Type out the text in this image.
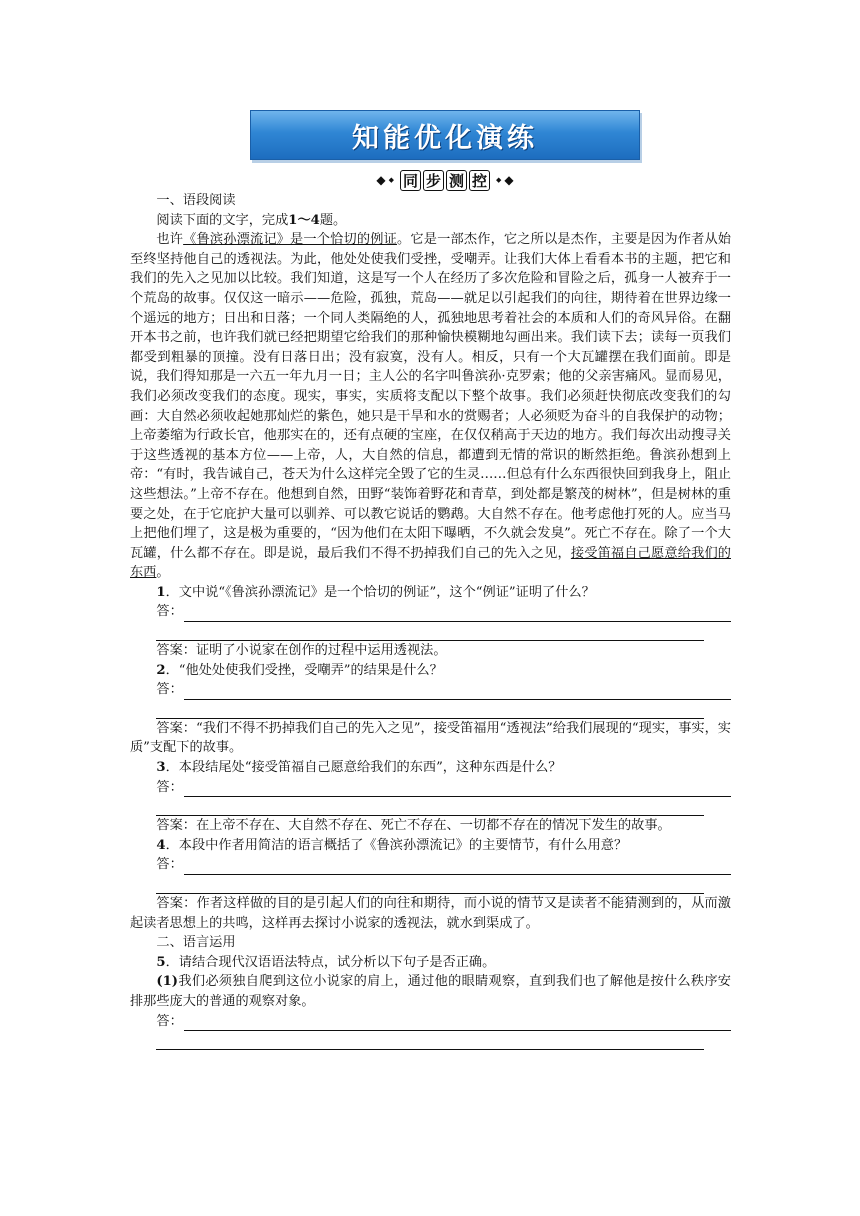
知能优化演练
◆ ◆ 同 步 测 控	◆ ◆

一、语段阅读

阅读下面的文字，完成1～4题。

也许《鲁滨孙漂流记》是一个恰切的例证。它是一部杰作，它之所以是杰作，主要是因为作者从始至终坚持他自己的透视法。为此，他处处使我们受挫，受嘲弄。让我们大体上看看本书的主题，把它和我们的先入之见加以比较。我们知道，这是写一个人在经历了多次危险和冒险之后，孤身一人被弃于一个荒岛的故事。仅仅这一暗示——危险，孤独，荒岛——就足以引起我们的向往，期待着在世界边缘一个遥远的地方；日出和日落；一个同人类隔绝的人，孤独地思考着社会的本质和人们的奇风异俗。在翻开本书之前，也许我们就已经把期望它给我们的那种愉快模糊地勾画出来。我们读下去；读每一页我们都受到粗暴的顶撞。没有日落日出；没有寂寞，没有人。相反，只有一个大瓦罐摆在我们面前。即是说，我们得知那是一六五一年九月一日；主人公的名字叫鲁滨孙·克罗索；他的父亲害痛风。显而易见，我们必须改变我们的态度。现实，事实，实质将支配以下整个故事。我们必须赶快彻底改变我们的勾画：大自然必须收起她那灿烂的紫色，她只是干旱和水的赏赐者；人必须贬为奋斗的自我保护的动物；上帝萎缩为行政长官，他那实在的，还有点硬的宝座，在仅仅稍高于天边的地方。我们每次出动搜寻关于这些透视的基本方位——上帝，人，大自然的信息，都遭到无情的常识的断然拒绝。鲁滨孙想到上帝：“有时，我告诫自己，苍天为什么这样完全毁了它的生灵……但总有什么东西很快回到我身上，阻止这些想法。”上帝不存在。他想到自然，田野“装饰着野花和青草，到处都是繁茂的树林”，但是树林的重要之处，在于它庇护大量可以驯养、可以教它说话的鹦鹉。大自然不存在。他考虑他打死的人。应当马上把他们埋了，这是极为重要的，“因为他们在太阳下曝晒，不久就会发臭”。死亡不存在。除了一个大瓦罐，什么都不存在。即是说，最后我们不得不扔掉我们自己的先入之见，接受笛福自己愿意给我们的东西。

1．文中说“《鲁滨孙漂流记》是一个恰切的例证”，这个“例证”证明了什么？

答：

答案：证明了小说家在创作的过程中运用透视法。

2．“他处处使我们受挫，受嘲弄”的结果是什么？

答：

答案：“我们不得不扔掉我们自己的先入之见”，接受笛福用“透视法”给我们展现的“现实，事实，实质”支配下的故事。

3．本段结尾处“接受笛福自己愿意给我们的东西”，这种东西是什么？

答：

答案：在上帝不存在、大自然不存在、死亡不存在、一切都不存在的情况下发生的故事。

4．本段中作者用简洁的语言概括了《鲁滨孙漂流记》的主要情节，有什么用意？

答：

答案：作者这样做的目的是引起人们的向往和期待，而小说的情节又是读者不能猜测到的，从而激起读者思想上的共鸣，这样再去探讨小说家的透视法，就水到渠成了。

二、语言运用

5．请结合现代汉语语法特点，试分析以下句子是否正确。

(1)我们必须独自爬到这位小说家的肩上，通过他的眼睛观察，直到我们也了解他是按什么秩序安排那些庞大的普通的观察对象。

答：
